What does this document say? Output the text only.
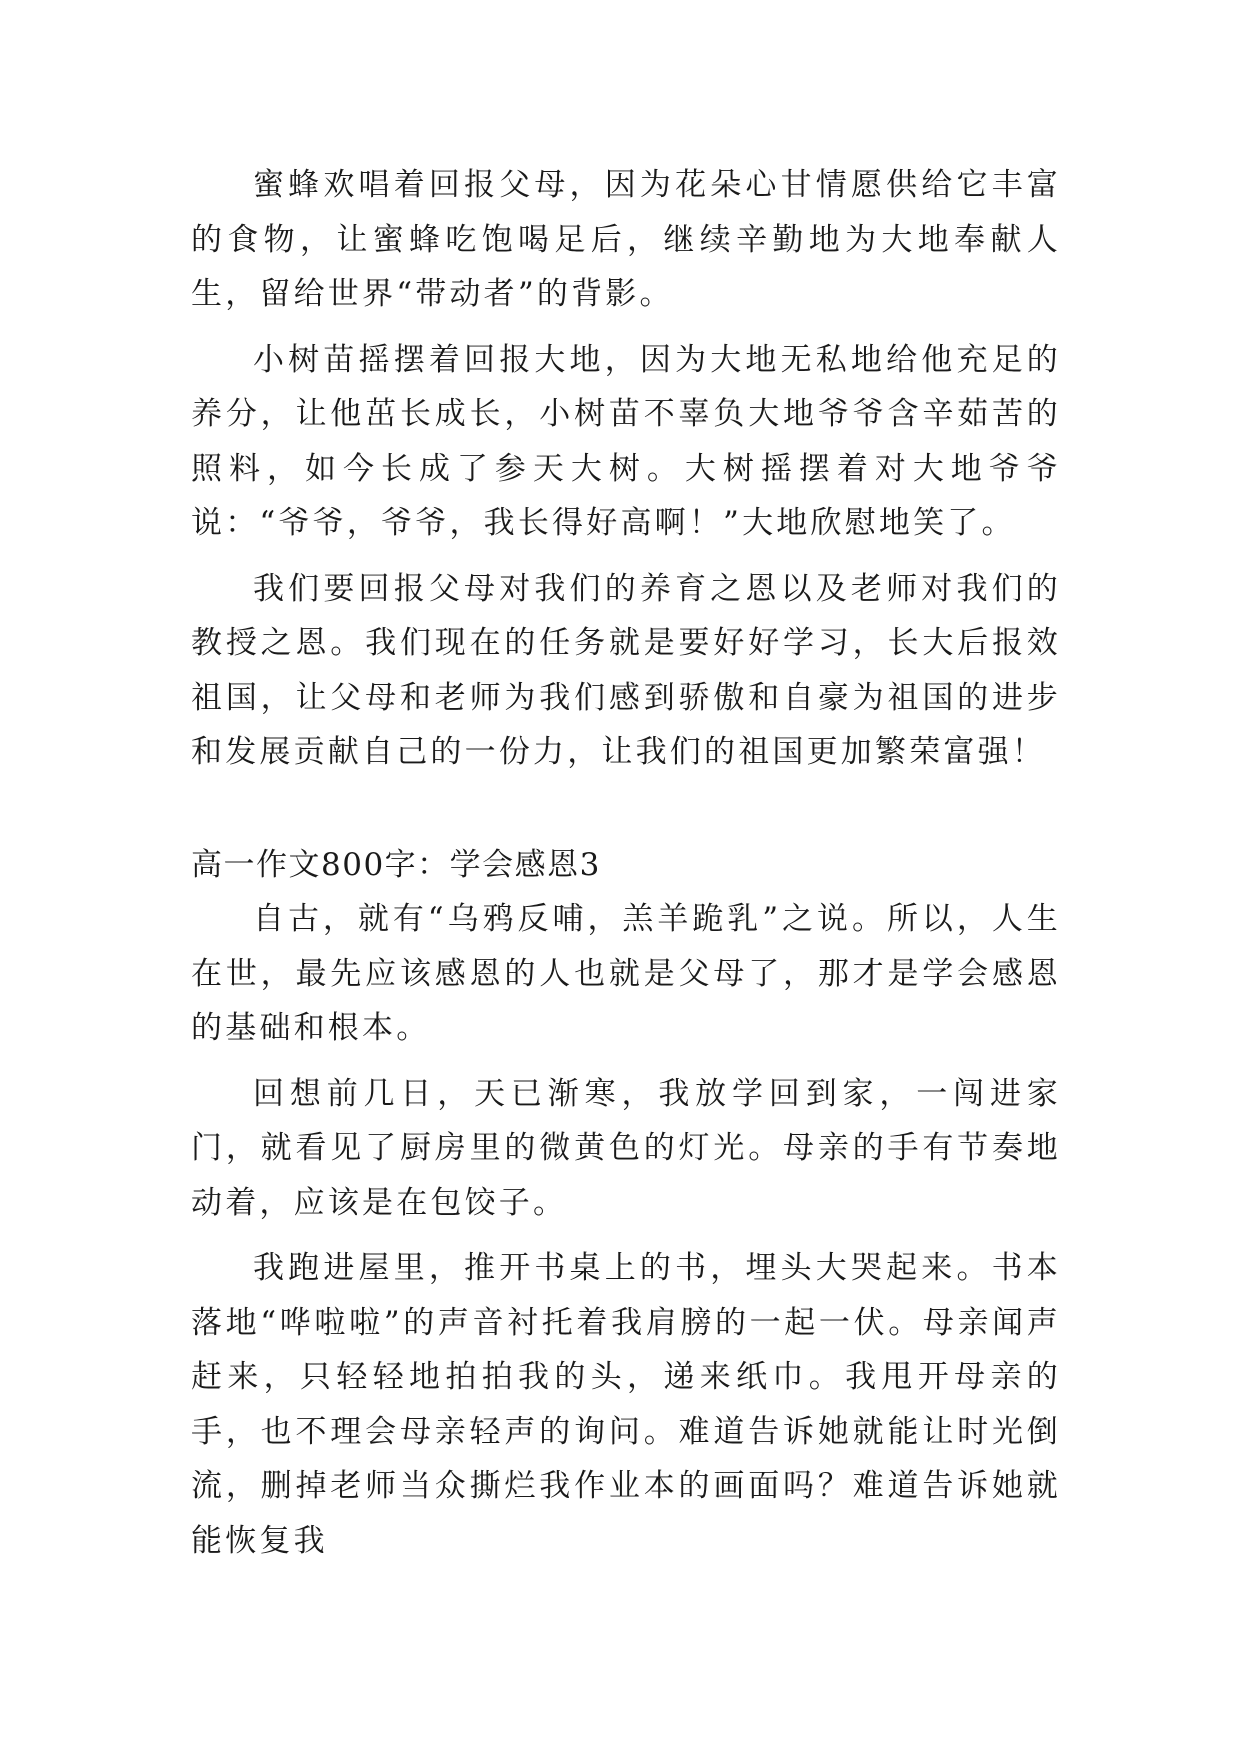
蜜蜂欢唱着回报父母，因为花朵心甘情愿供给它丰富的食物，让蜜蜂吃饱喝足后，继续辛勤地为大地奉献人生，留给世界“带动者”的背影。

小树苗摇摆着回报大地，因为大地无私地给他充足的养分，让他茁长成长，小树苗不辜负大地爷爷含辛茹苦的照料，如今长成了参天大树。大树摇摆着对大地爷爷说：“爷爷，爷爷，我长得好高啊！”大地欣慰地笑了。

我们要回报父母对我们的养育之恩以及老师对我们的教授之恩。我们现在的任务就是要好好学习，长大后报效祖国，让父母和老师为我们感到骄傲和自豪为祖国的进步和发展贡献自己的一份力，让我们的祖国更加繁荣富强！

高一作文800字：学会感恩3

自古，就有“乌鸦反哺，羔羊跪乳”之说。所以，人生在世，最先应该感恩的人也就是父母了，那才是学会感恩的基础和根本。

回想前几日，天已渐寒，我放学回到家，一闯进家门，就看见了厨房里的微黄色的灯光。母亲的手有节奏地动着，应该是在包饺子。

我跑进屋里，推开书桌上的书，埋头大哭起来。书本落地“哗啦啦”的声音衬托着我肩膀的一起一伏。母亲闻声赶来，只轻轻地拍拍我的头，递来纸巾。我甩开母亲的手，也不理会母亲轻声的询问。难道告诉她就能让时光倒流，删掉老师当众撕烂我作业本的画面吗？难道告诉她就能恢复我
